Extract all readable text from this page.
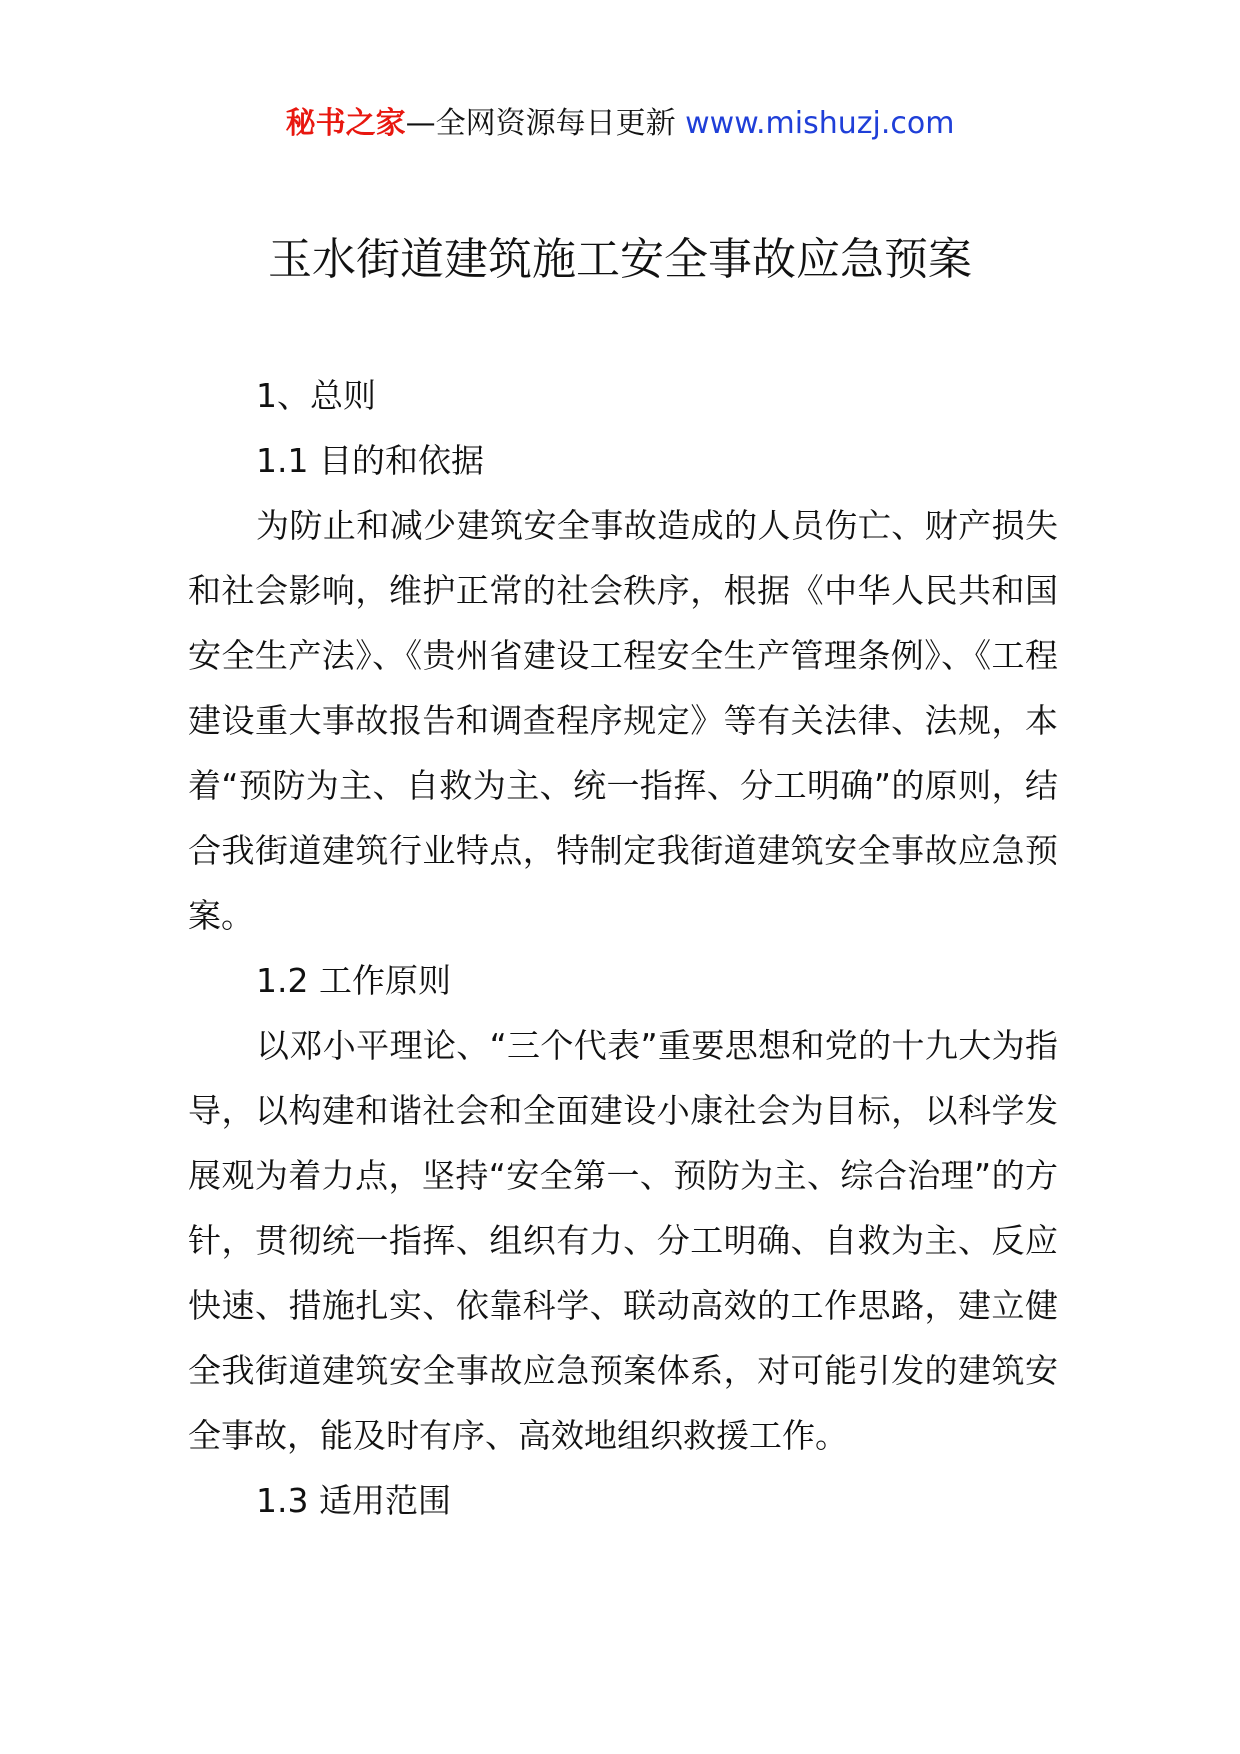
秘书之家—全网资源每日更新 www.mishuzj.com
玉水街道建筑施工安全事故应急预案

1、总则

1.1 目的和依据

为防止和减少建筑安全事故造成的人员伤亡、财产损失和社会影响，维护正常的社会秩序，根据《中华人民共和国安全生产法》、《贵州省建设工程安全生产管理条例》、《工程建设重大事故报告和调查程序规定》等有关法律、法规，本着“预防为主、自救为主、统一指挥、分工明确”的原则，结合我街道建筑行业特点，特制定我街道建筑安全事故应急预案。

1.2 工作原则

以邓小平理论、“三个代表”重要思想和党的十九大为指导，以构建和谐社会和全面建设小康社会为目标，以科学发展观为着力点，坚持“安全第一、预防为主、综合治理”的方针，贯彻统一指挥、组织有力、分工明确、自救为主、反应快速、措施扎实、依靠科学、联动高效的工作思路，建立健全我街道建筑安全事故应急预案体系，对可能引发的建筑安全事故，能及时有序、高效地组织救援工作。

1.3 适用范围
